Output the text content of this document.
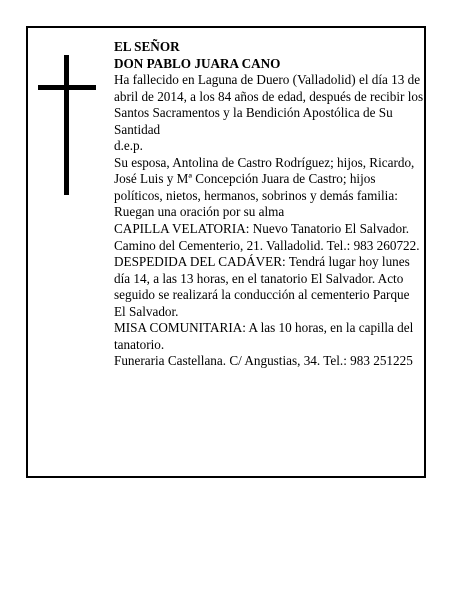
EL SEÑOR

DON PABLO JUARA CANO

Ha fallecido en Laguna de Duero (Valladolid) el día 13 de abril de 2014, a los 84 años de edad, después de recibir los Santos Sacramentos y la Bendición Apostólica de Su Santidad

d.e.p.

Su esposa, Antolina de Castro Rodríguez; hijos, Ricardo, José Luis y Mª Concepción Juara de Castro; hijos políticos, nietos, hermanos, sobrinos y demás familia:

Ruegan una oración por su alma

CAPILLA VELATORIA: Nuevo Tanatorio El Salvador. Camino del Cementerio, 21. Valladolid. Tel.: 983 260722.

DESPEDIDA DEL CADÁVER: Tendrá lugar hoy lunes día 14, a las 13 horas, en el tanatorio El Salvador. Acto seguido se realizará la conducción al cementerio Parque El Salvador.

MISA COMUNITARIA: A las 10 horas, en la capilla del tanatorio.

Funeraria Castellana. C/ Angustias, 34. Tel.: 983 251225
